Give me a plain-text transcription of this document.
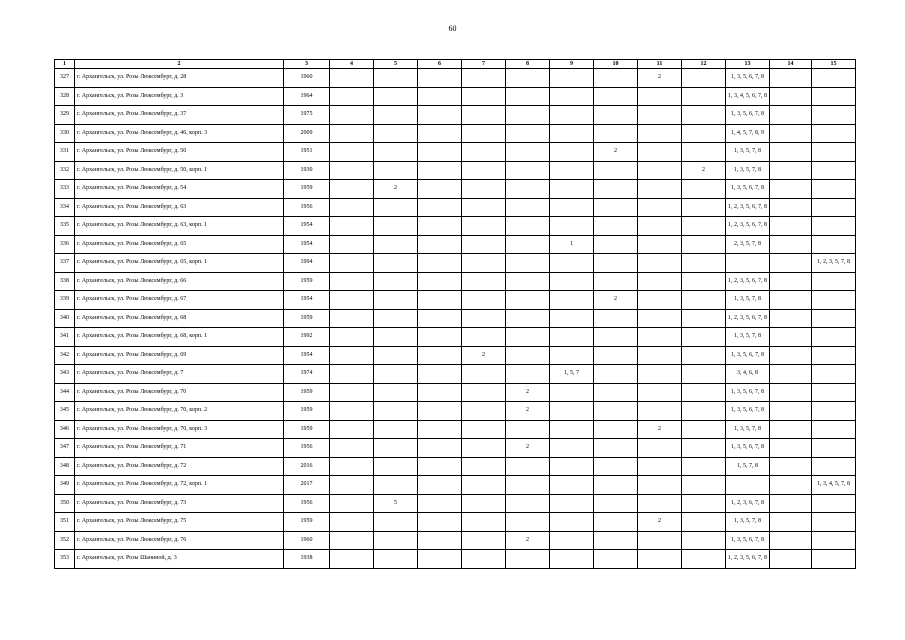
60
1	2	3	4	5	6	7	8	9	10	11	12	13	14	15
327	г. Архангельск, ул. Розы Люксембург, д. 28	1960								2		1, 3, 5, 6, 7, 8		
328	г. Архангельск, ул. Розы Люксембург, д. 3	1964										1, 3, 4, 5, 6, 7, 8		
329	г. Архангельск, ул. Розы Люксембург, д. 37	1975										1, 3, 5, 6, 7, 8		
330	г. Архангельск, ул. Розы Люксембург, д. 46, корп. 3	2009										1, 4, 5, 7, 8, 9		
331	г. Архангельск, ул. Розы Люксембург, д. 50	1951							2			1, 3, 5, 7, 8		
332	г. Архангельск, ул. Розы Люксембург, д. 50, корп. 1	1930									2	1, 3, 5, 7, 8		
333	г. Архангельск, ул. Розы Люксембург, д. 54	1959		2								1, 3, 5, 6, 7, 8		
334	г. Архангельск, ул. Розы Люксембург, д. 63	1956										1, 2, 3, 5, 6, 7, 8		
335	г. Архангельск, ул. Розы Люксембург, д. 63, корп. 1	1954										1, 2, 3, 5, 6, 7, 8		
336	г. Архангельск, ул. Розы Люксембург, д. 65	1954						1				2, 3, 5, 7, 8		
337	г. Архангельск, ул. Розы Люксембург, д. 65, корп. 1	1994												1, 2, 3, 5, 7, 8
338	г. Архангельск, ул. Розы Люксембург, д. 66	1959										1, 2, 3, 5, 6, 7, 8		
339	г. Архангельск, ул. Розы Люксембург, д. 67	1954							2			1, 3, 5, 7, 8		
340	г. Архангельск, ул. Розы Люксембург, д. 68	1959										1, 2, 3, 5, 6, 7, 8		
341	г. Архангельск, ул. Розы Люксембург, д. 68, корп. 1	1992										1, 3, 5, 7, 8		
342	г. Архангельск, ул. Розы Люксембург, д. 69	1954				2						1, 3, 5, 6, 7, 8		
343	г. Архангельск, ул. Розы Люксембург, д. 7	1974						1, 5, 7				3, 4, 6, 8		
344	г. Архангельск, ул. Розы Люксембург, д. 70	1959					2					1, 3, 5, 6, 7, 8		
345	г. Архангельск, ул. Розы Люксембург, д. 70, корп. 2	1959					2					1, 3, 5, 6, 7, 8		
346	г. Архангельск, ул. Розы Люксембург, д. 70, корп. 3	1959								2		1, 3, 5, 7, 8		
347	г. Архангельск, ул. Розы Люксембург, д. 71	1956					2					1, 3, 5, 6, 7, 8		
348	г. Архангельск, ул. Розы Люксембург, д. 72	2016										1, 5, 7, 8		
349	г. Архангельск, ул. Розы Люксембург, д. 72, корп. 1	2017												1, 3, 4, 5, 7, 8
350	г. Архангельск, ул. Розы Люксембург, д. 73	1956		5								1, 2, 3, 6, 7, 8		
351	г. Архангельск, ул. Розы Люксембург, д. 75	1959								2		1, 3, 5, 7, 8		
352	г. Архангельск, ул. Розы Люксембург, д. 76	1960					2					1, 3, 5, 6, 7, 8		
353	г. Архангельск, ул. Розы Шаниной, д. 3	1938										1, 2, 3, 5, 6, 7, 8		
